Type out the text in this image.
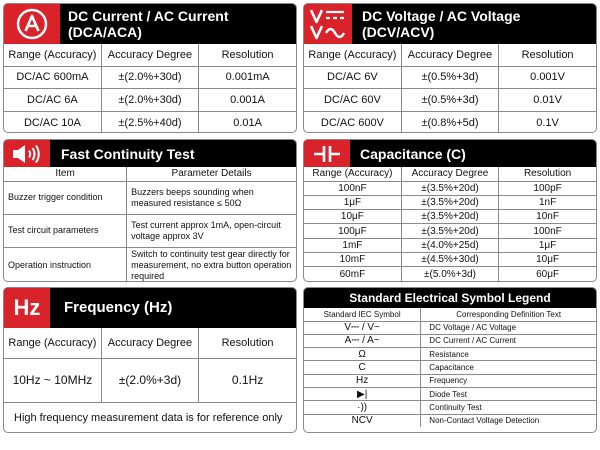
DC Current / AC Current
(DCA/ACA)
Range (Accuracy)	Accuracy Degree	Resolution
DC/AC 600mA	±(2.0%+30d)	0.001mA
DC/AC 6A	±(2.0%+30d)	0.001A
DC/AC 10A	±(2.5%+40d)	0.01A
DC Voltage / AC Voltage
(DCV/ACV)
Range (Accuracy)	Accuracy Degree	Resolution
DC/AC 6V	±(0.5%+3d)	0.001V
DC/AC 60V	±(0.5%+3d)	0.01V
DC/AC 600V	±(0.8%+5d)	0.1V
Fast Continuity Test
Item	Parameter Details
Buzzer trigger condition	Buzzers beeps sounding when measured resistance ≤ 50Ω
Test circuit parameters	Test current approx 1mA, open-circuit voltage approx 3V
Operation instruction	Switch to continuity test gear directly for measurement, no extra button operation required
Capacitance (C)
Range (Accuracy)	Accuracy Degree	Resolution
100nF	±(3.5%+20d)	100pF
1μF	±(3.5%+20d)	1nF
10μF	±(3.5%+20d)	10nF
100μF	±(3.5%+20d)	100nF
1mF	±(4.0%+25d)	1μF
10mF	±(4.5%+30d)	10μF
60mF	±(5.0%+3d)	60μF
Hz	Frequency (Hz)
Range (Accuracy)	Accuracy Degree	Resolution
10Hz ~ 10MHz	±(2.0%+3d)	0.1Hz
High frequency measurement data is for reference only
Standard Electrical Symbol Legend
Standard IEC Symbol	Corresponding Definition Text
V⎓ / V~	DC Voltage / AC Voltage
A⎓ / A~	DC Current / AC Current
Ω	Resistance
C	Capacitance
Hz	Frequency
▶|	Diode Test
·))	Continuity Test
NCV	Non-Contact Voltage Detection
